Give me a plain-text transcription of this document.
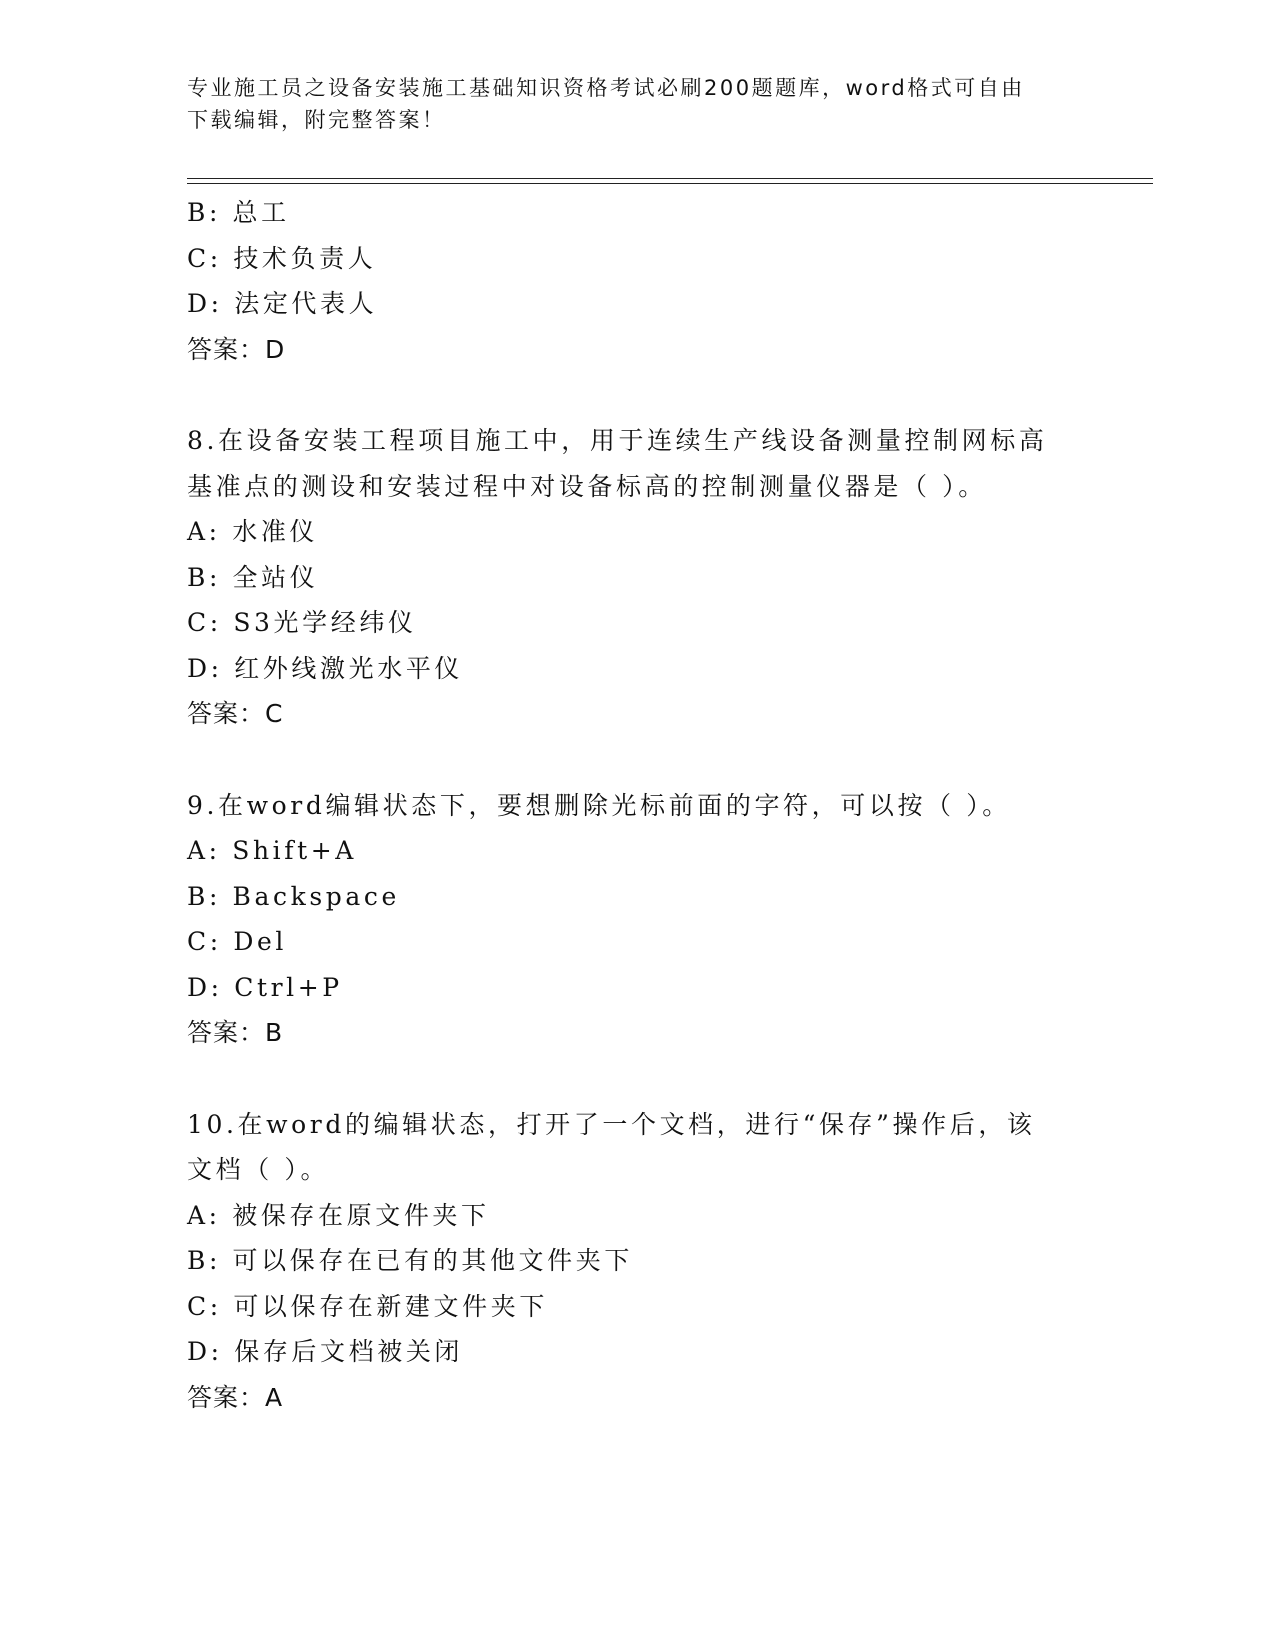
专业施工员之设备安装施工基础知识资格考试必刷200题题库，word格式可自由
下载编辑，附完整答案！
B: 总工
C: 技术负责人
D: 法定代表人
答案：D
8.在设备安装工程项目施工中，用于连续生产线设备测量控制网标高
基准点的测设和安装过程中对设备标高的控制测量仪器是（ ）。
A: 水准仪
B: 全站仪
C: S3光学经纬仪
D: 红外线激光水平仪
答案：C
9.在word编辑状态下，要想删除光标前面的字符，可以按（ ）。
A: Shift+A
B: Backspace
C: Del
D: Ctrl+P
答案：B
10.在word的编辑状态，打开了一个文档，进行“保存”操作后，该
文档（ ）。
A: 被保存在原文件夹下
B: 可以保存在已有的其他文件夹下
C: 可以保存在新建文件夹下
D: 保存后文档被关闭
答案：A
